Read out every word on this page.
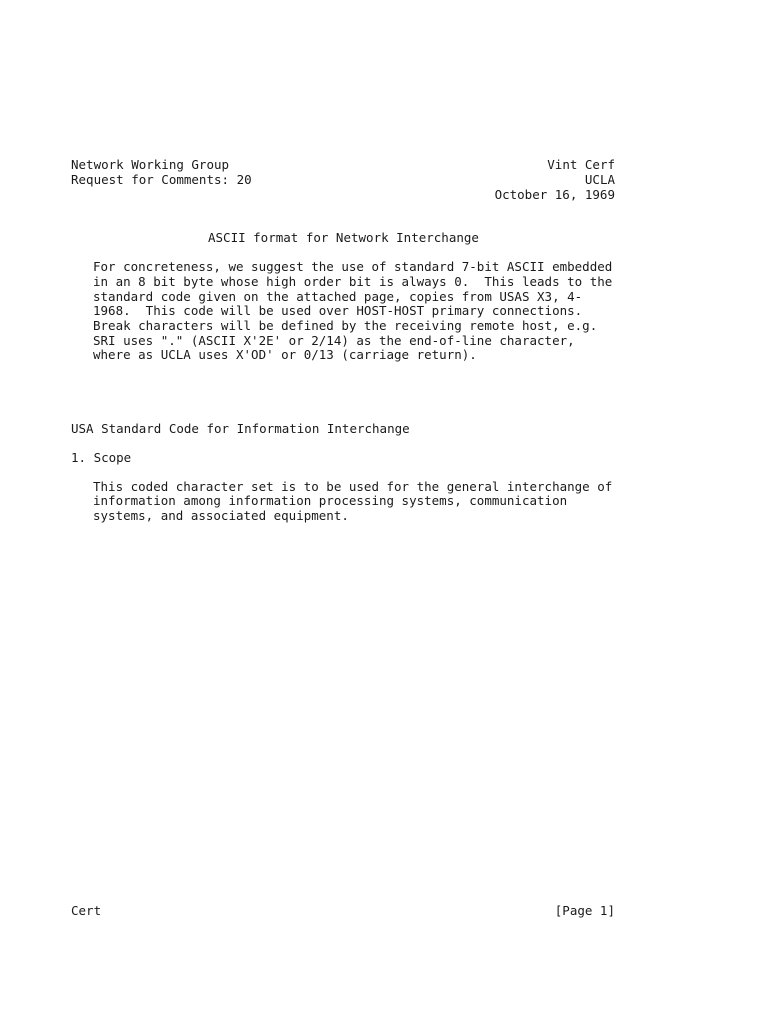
Network Working Group
Request for Comments: 20
Vint Cerf
UCLA
October 16, 1969
ASCII format for Network Interchange
For concreteness, we suggest the use of standard 7-bit ASCII embedded
in an 8 bit byte whose high order bit is always 0.  This leads to the
standard code given on the attached page, copies from USAS X3, 4-
1968.  This code will be used over HOST-HOST primary connections.
Break characters will be defined by the receiving remote host, e.g.
SRI uses "." (ASCII X'2E' or 2/14) as the end-of-line character,
where as UCLA uses X'OD' or 0/13 (carriage return).
USA Standard Code for Information Interchange
1. Scope
This coded character set is to be used for the general interchange of
information among information processing systems, communication
systems, and associated equipment.
Cert	[Page 1]
